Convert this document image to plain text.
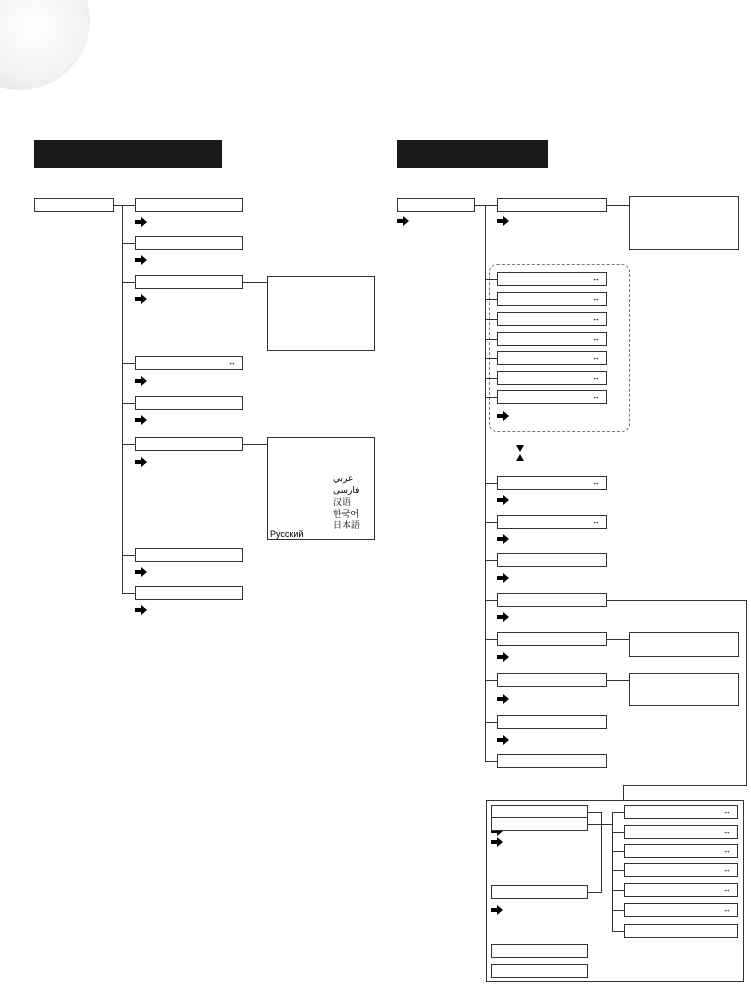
↔
عربي
فارسی
汉语
한국어
日本語
Русский
↔
↔
↔
↔
↔
↔
↔
↔
↔
↔
↔
↔
↔
↔
↔
